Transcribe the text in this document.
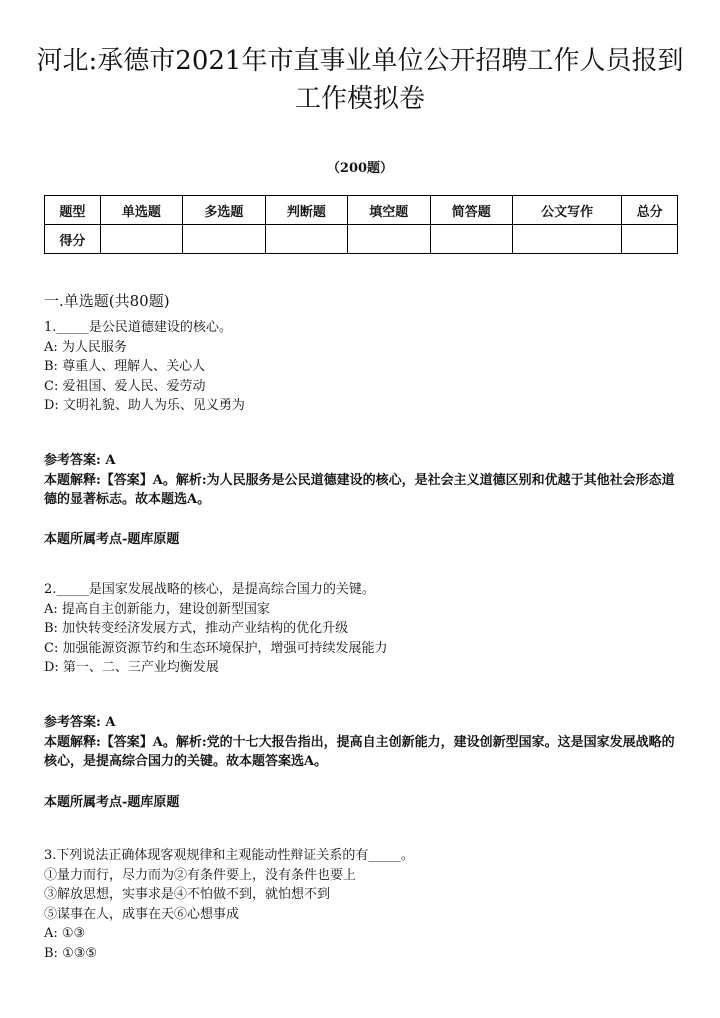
河北:承德市2021年市直事业单位公开招聘工作人员报到工作模拟卷
（200题）
题型	单选题	多选题	判断题	填空题	简答题	公文写作	总分
得分							
一.单选题(共80题)
1._____是公民道德建设的核心。
A: 为人民服务
B: 尊重人、理解人、关心人
C: 爱祖国、爱人民、爱劳动
D: 文明礼貌、助人为乐、见义勇为
参考答案: A
本题解释:【答案】A。解析:为人民服务是公民道德建设的核心，是社会主义道德区别和优越于其他社会形态道德的显著标志。故本题选A。
本题所属考点-题库原题
2._____是国家发展战略的核心，是提高综合国力的关键。
A: 提高自主创新能力，建设创新型国家
B: 加快转变经济发展方式，推动产业结构的优化升级
C: 加强能源资源节约和生态环境保护，增强可持续发展能力
D: 第一、二、三产业均衡发展
参考答案: A
本题解释:【答案】A。解析:党的十七大报告指出，提高自主创新能力，建设创新型国家。这是国家发展战略的核心，是提高综合国力的关键。故本题答案选A。
本题所属考点-题库原题
3.下列说法正确体现客观规律和主观能动性辩证关系的有_____。
①量力而行，尽力而为②有条件要上，没有条件也要上
③解放思想，实事求是④不怕做不到，就怕想不到
⑤谋事在人，成事在天⑥心想事成
A: ①③
B: ①③⑤
